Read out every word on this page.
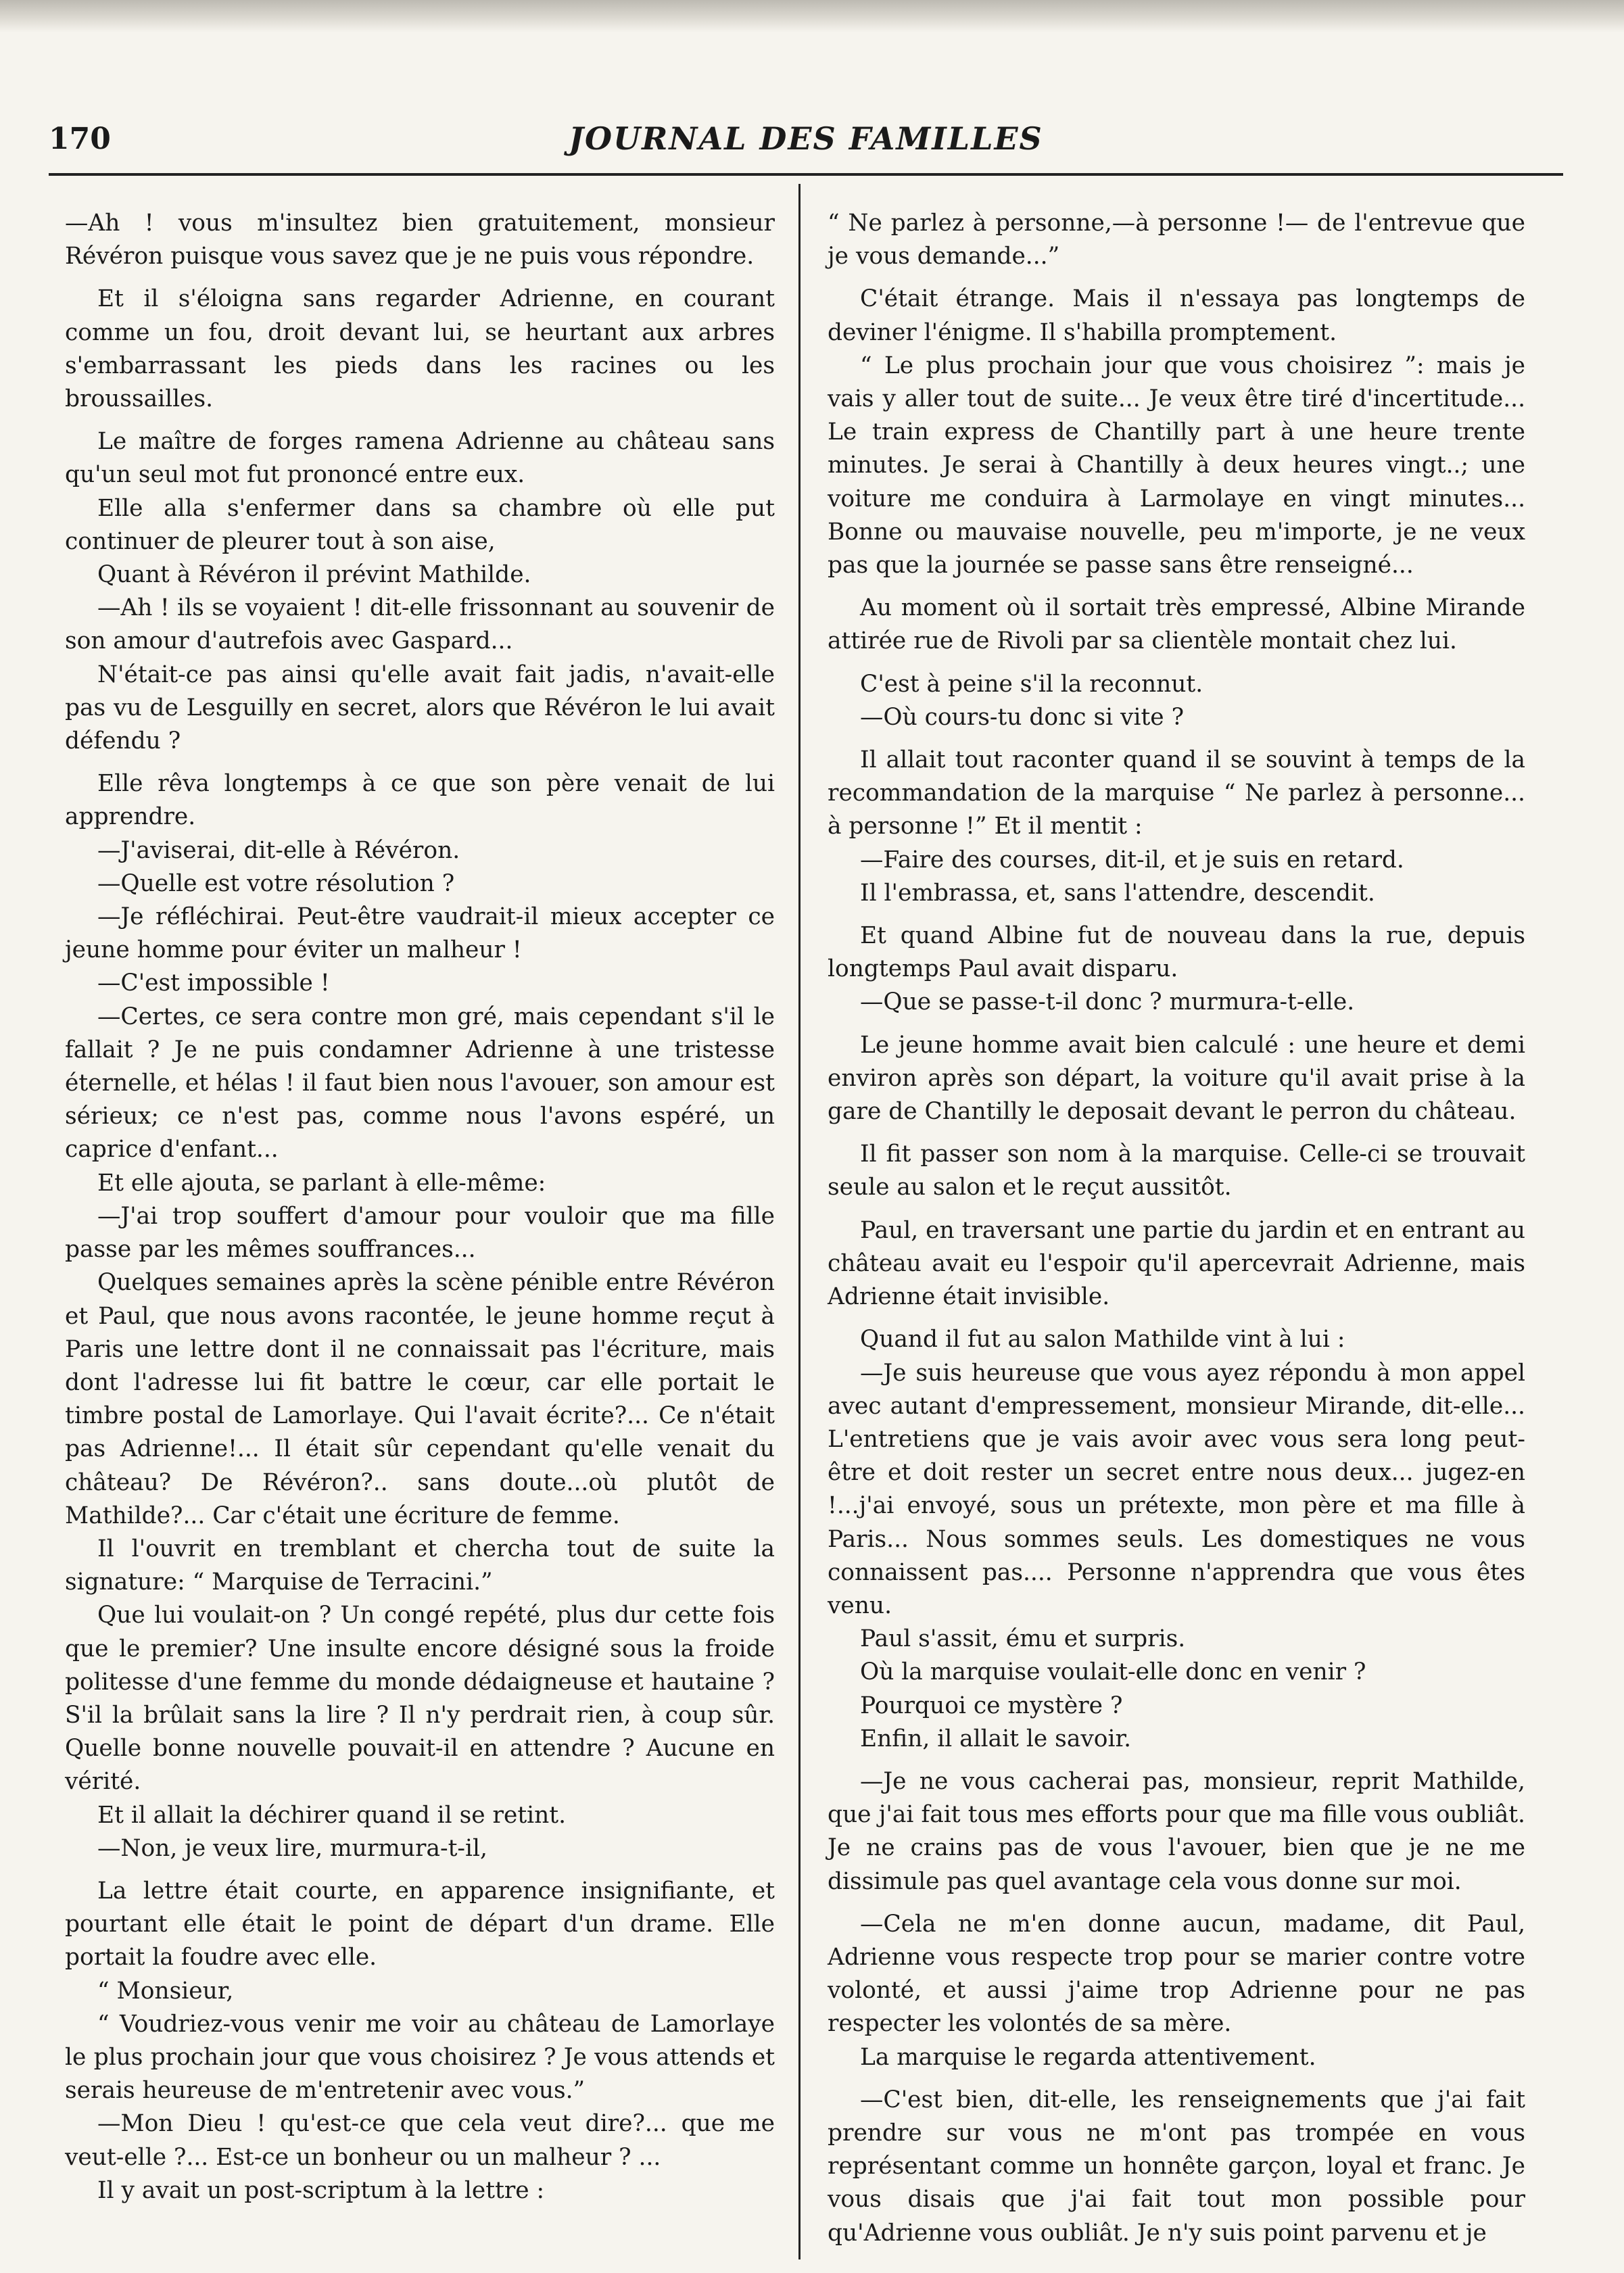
170	JOURNAL DES FAMILLES

—Ah ! vous m'insultez bien gratuitement, monsieur Révéron puisque vous savez que je ne puis vous répondre.

Et il s'éloigna sans regarder Adrienne, en courant comme un fou, droit devant lui, se heurtant aux arbres s'embarrassant les pieds dans les racines ou les broussailles.

Le maître de forges ramena Adrienne au château sans qu'un seul mot fut prononcé entre eux.

Elle alla s'enfermer dans sa chambre où elle put continuer de pleurer tout à son aise,

Quant à Révéron il prévint Mathilde.

—Ah ! ils se voyaient ! dit-elle frissonnant au souvenir de son amour d'autrefois avec Gaspard...

N'était-ce pas ainsi qu'elle avait fait jadis, n'avait-elle pas vu de Lesguilly en secret, alors que Révéron le lui avait défendu ?

Elle rêva longtemps à ce que son père venait de lui apprendre.

—J'aviserai, dit-elle à Révéron.

—Quelle est votre résolution ?

—Je réfléchirai. Peut-être vaudrait-il mieux accepter ce jeune homme pour éviter un malheur !

—C'est impossible !

—Certes, ce sera contre mon gré, mais cependant s'il le fallait ? Je ne puis condamner Adrienne à une tristesse éternelle, et hélas ! il faut bien nous l'avouer, son amour est sérieux; ce n'est pas, comme nous l'avons espéré, un caprice d'enfant...

Et elle ajouta, se parlant à elle-même:

—J'ai trop souffert d'amour pour vouloir que ma fille passe par les mêmes souffrances...

Quelques semaines après la scène pénible entre Révéron et Paul, que nous avons racontée, le jeune homme reçut à Paris une lettre dont il ne connaissait pas l'écriture, mais dont l'adresse lui fit battre le cœur, car elle portait le timbre postal de Lamorlaye. Qui l'avait écrite?... Ce n'était pas Adrienne!... Il était sûr cependant qu'elle venait du château? De Révéron?.. sans doute...où plutôt de Mathilde?... Car c'était une écriture de femme.

Il l'ouvrit en tremblant et chercha tout de suite la signature: “ Marquise de Terracini.”

Que lui voulait-on ? Un congé repété, plus dur cette fois que le premier? Une insulte encore désigné sous la froide politesse d'une femme du monde dédaigneuse et hautaine ? S'il la brûlait sans la lire ? Il n'y perdrait rien, à coup sûr. Quelle bonne nouvelle pouvait-il en attendre ? Aucune en vérité.

Et il allait la déchirer quand il se retint.

—Non, je veux lire, murmura-t-il,

La lettre était courte, en apparence insignifiante, et pourtant elle était le point de départ d'un drame. Elle portait la foudre avec elle.

“ Monsieur,

“ Voudriez-vous venir me voir au château de Lamorlaye le plus prochain jour que vous choisirez ? Je vous attends et serais heureuse de m'entretenir avec vous.”

—Mon Dieu ! qu'est-ce que cela veut dire?... que me veut-elle ?... Est-ce un bonheur ou un malheur ? ...

Il y avait un post-scriptum à la lettre :

“ Ne parlez à personne,—à personne !— de l'entrevue que je vous demande...”

C'était étrange. Mais il n'essaya pas longtemps de deviner l'énigme. Il s'habilla promptement.

“ Le plus prochain jour que vous choisirez ”: mais je vais y aller tout de suite... Je veux être tiré d'incertitude... Le train express de Chantilly part à une heure trente minutes. Je serai à Chantilly à deux heures vingt..; une voiture me conduira à Larmolaye en vingt minutes... Bonne ou mauvaise nouvelle, peu m'importe, je ne veux pas que la journée se passe sans être renseigné...

Au moment où il sortait très empressé, Albine Mirande attirée rue de Rivoli par sa clientèle montait chez lui.

C'est à peine s'il la reconnut.

—Où cours-tu donc si vite ?

Il allait tout raconter quand il se souvint à temps de la recommandation de la marquise “ Ne parlez à personne... à personne !” Et il mentit :

—Faire des courses, dit-il, et je suis en retard.

Il l'embrassa, et, sans l'attendre, descendit.

Et quand Albine fut de nouveau dans la rue, depuis longtemps Paul avait disparu.

—Que se passe-t-il donc ? murmura-t-elle.

Le jeune homme avait bien calculé : une heure et demi environ après son départ, la voiture qu'il avait prise à la gare de Chantilly le deposait devant le perron du château.

Il fit passer son nom à la marquise. Celle-ci se trouvait seule au salon et le reçut aussitôt.

Paul, en traversant une partie du jardin et en entrant au château avait eu l'espoir qu'il apercevrait Adrienne, mais Adrienne était invisible.

Quand il fut au salon Mathilde vint à lui :

—Je suis heureuse que vous ayez répondu à mon appel avec autant d'empressement, monsieur Mirande, dit-elle... L'entretiens que je vais avoir avec vous sera long peut-être et doit rester un secret entre nous deux... jugez-en !...j'ai envoyé, sous un prétexte, mon père et ma fille à Paris... Nous sommes seuls. Les domestiques ne vous connaissent pas.... Personne n'apprendra que vous êtes venu.

Paul s'assit, ému et surpris.

Où la marquise voulait-elle donc en venir ?

Pourquoi ce mystère ?

Enfin, il allait le savoir.

—Je ne vous cacherai pas, monsieur, reprit Mathilde, que j'ai fait tous mes efforts pour que ma fille vous oubliât. Je ne crains pas de vous l'avouer, bien que je ne me dissimule pas quel avantage cela vous donne sur moi.

—Cela ne m'en donne aucun, madame, dit Paul, Adrienne vous respecte trop pour se marier contre votre volonté, et aussi j'aime trop Adrienne pour ne pas respecter les volontés de sa mère.

La marquise le regarda attentivement.

—C'est bien, dit-elle, les renseignements que j'ai fait prendre sur vous ne m'ont pas trompée en vous représentant comme un honnête garçon, loyal et franc. Je vous disais que j'ai fait tout mon possible pour qu'Adrienne vous oubliât. Je n'y suis point parvenu et je
